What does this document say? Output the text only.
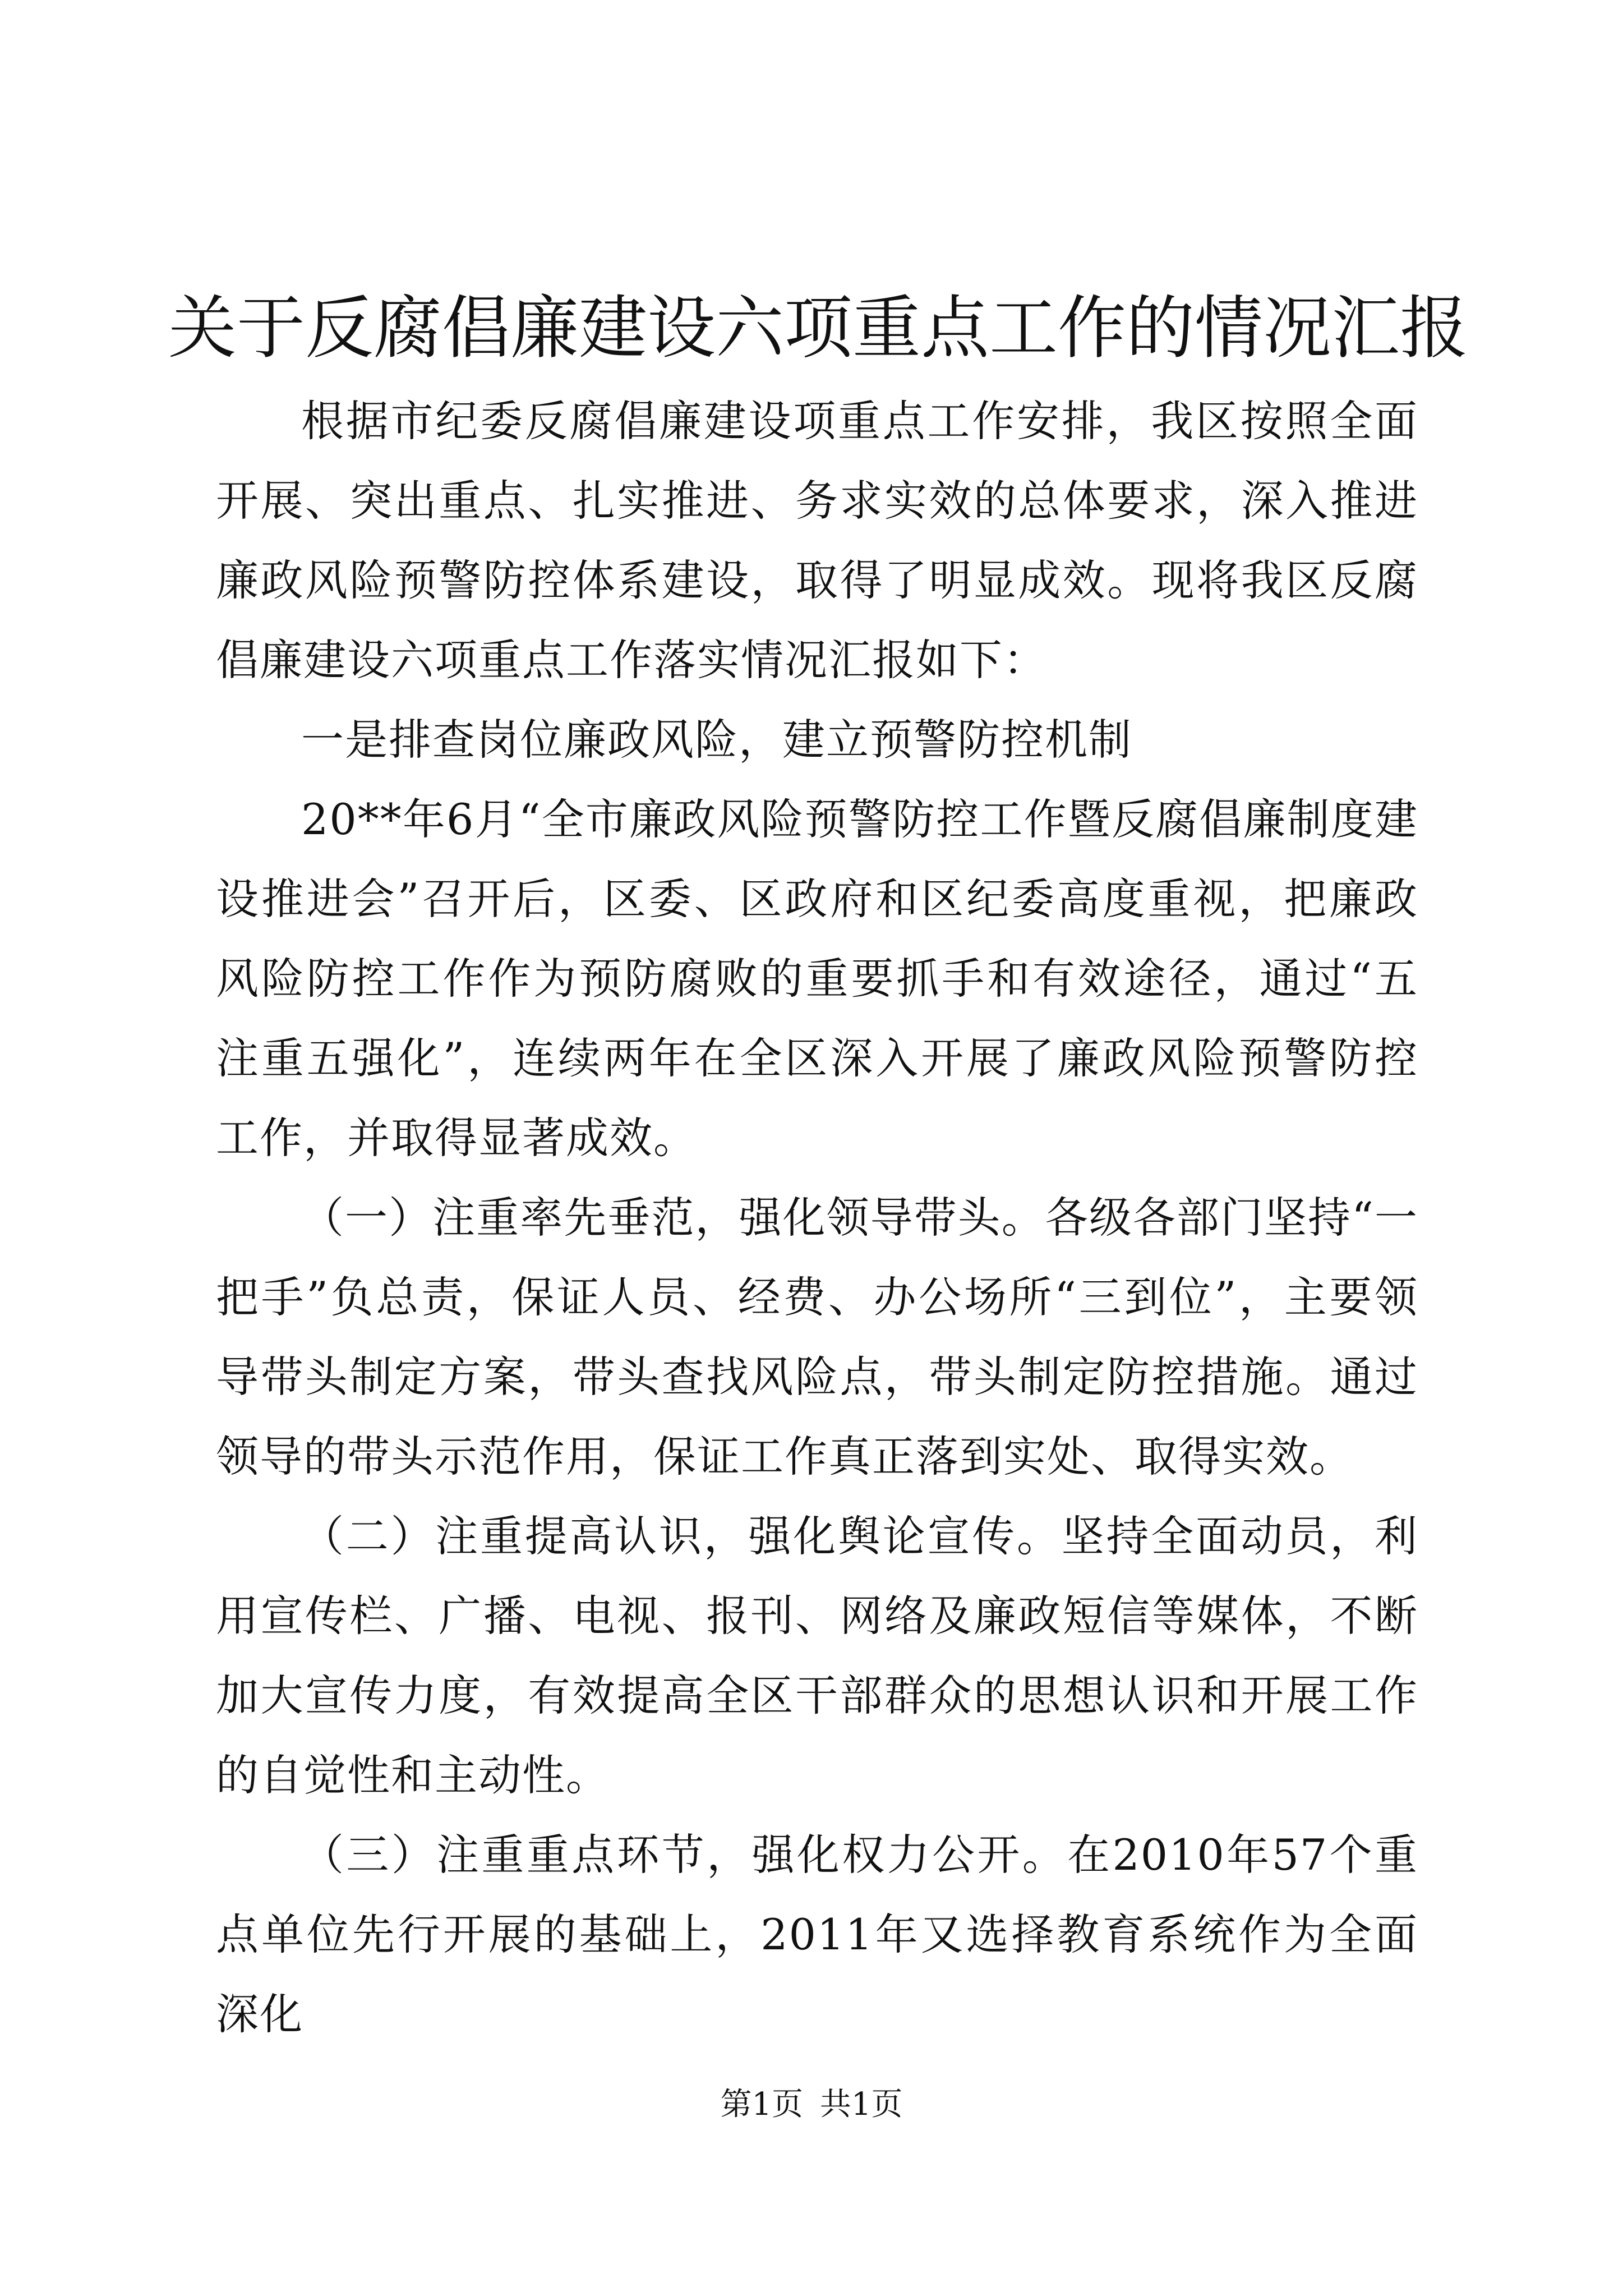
关于反腐倡廉建设六项重点工作的情况汇报

根据市纪委反腐倡廉建设项重点工作安排，我区按照全面开展、突出重点、扎实推进、务求实效的总体要求，深入推进廉政风险预警防控体系建设，取得了明显成效。现将我区反腐倡廉建设六项重点工作落实情况汇报如下：

一是排查岗位廉政风险，建立预警防控机制

20**年6月“全市廉政风险预警防控工作暨反腐倡廉制度建设推进会”召开后，区委、区政府和区纪委高度重视，把廉政风险防控工作作为预防腐败的重要抓手和有效途径，通过“五注重五强化”，连续两年在全区深入开展了廉政风险预警防控工作，并取得显著成效。

（一）注重率先垂范，强化领导带头。各级各部门坚持“一把手”负总责，保证人员、经费、办公场所“三到位”，主要领导带头制定方案，带头查找风险点，带头制定防控措施。通过领导的带头示范作用，保证工作真正落到实处、取得实效。

（二）注重提高认识，强化舆论宣传。坚持全面动员，利用宣传栏、广播、电视、报刊、网络及廉政短信等媒体，不断加大宣传力度，有效提高全区干部群众的思想认识和开展工作的自觉性和主动性。

（三）注重重点环节，强化权力公开。在2010年57个重点单位先行开展的基础上，2011年又选择教育系统作为全面深化

第1页 共1页
